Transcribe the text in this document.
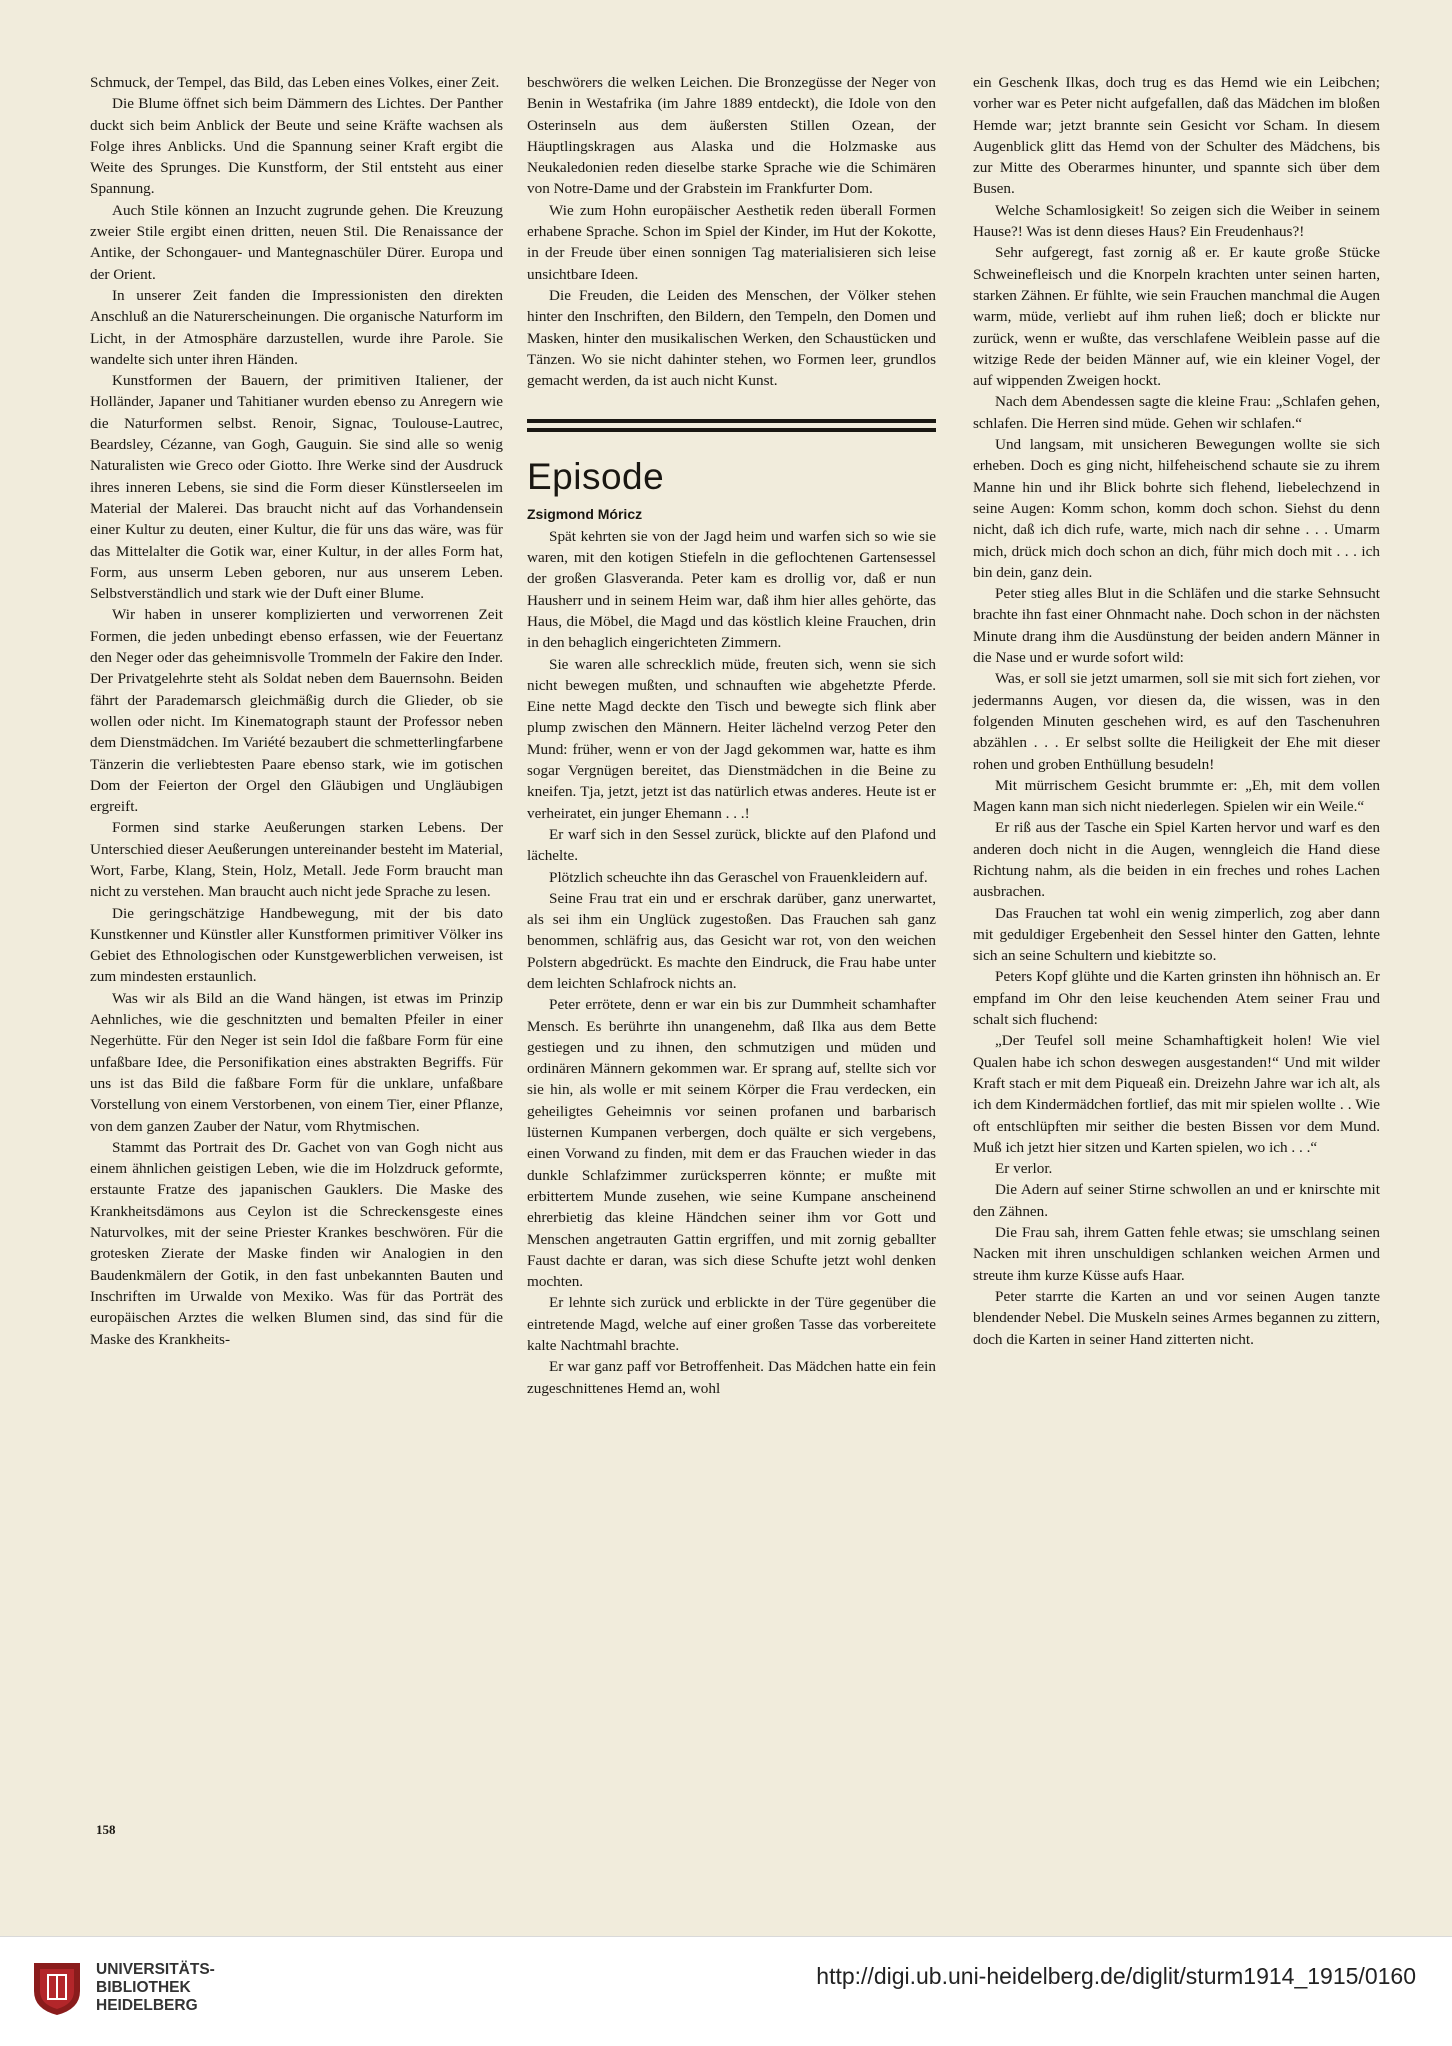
Schmuck, der Tempel, das Bild, das Leben eines Volkes, einer Zeit.

Die Blume öffnet sich beim Dämmern des Lichtes. Der Panther duckt sich beim Anblick der Beute und seine Kräfte wachsen als Folge ihres Anblicks. Und die Spannung seiner Kraft ergibt die Weite des Sprunges. Die Kunstform, der Stil entsteht aus einer Spannung.

Auch Stile können an Inzucht zugrunde gehen. Die Kreuzung zweier Stile ergibt einen dritten, neuen Stil. Die Renaissance der Antike, der Schongauer- und Mantegnaschüler Dürer. Europa und der Orient.

In unserer Zeit fanden die Impressionisten den direkten Anschluß an die Naturerscheinungen. Die organische Naturform im Licht, in der Atmosphäre darzustellen, wurde ihre Parole. Sie wandelte sich unter ihren Händen.

Kunstformen der Bauern, der primitiven Italiener, der Holländer, Japaner und Tahitianer wurden ebenso zu Anregern wie die Naturformen selbst. Renoir, Signac, Toulouse-Lautrec, Beardsley, Cézanne, van Gogh, Gauguin. Sie sind alle so wenig Naturalisten wie Greco oder Giotto. Ihre Werke sind der Ausdruck ihres inneren Lebens, sie sind die Form dieser Künstlerseelen im Material der Malerei. Das braucht nicht auf das Vorhandensein einer Kultur zu deuten, einer Kultur, die für uns das wäre, was für das Mittelalter die Gotik war, einer Kultur, in der alles Form hat, Form, aus unserm Leben geboren, nur aus unserem Leben. Selbstverständlich und stark wie der Duft einer Blume.

Wir haben in unserer komplizierten und verworrenen Zeit Formen, die jeden unbedingt ebenso erfassen, wie der Feuertanz den Neger oder das geheimnisvolle Trommeln der Fakire den Inder. Der Privatgelehrte steht als Soldat neben dem Bauernsohn. Beiden fährt der Parademarsch gleichmäßig durch die Glieder, ob sie wollen oder nicht. Im Kinematograph staunt der Professor neben dem Dienstmädchen. Im Variété bezaubert die schmetterlingfarbene Tänzerin die verliebtesten Paare ebenso stark, wie im gotischen Dom der Feierton der Orgel den Gläubigen und Ungläubigen ergreift.

Formen sind starke Aeußerungen starken Lebens. Der Unterschied dieser Aeußerungen untereinander besteht im Material, Wort, Farbe, Klang, Stein, Holz, Metall. Jede Form braucht man nicht zu verstehen. Man braucht auch nicht jede Sprache zu lesen.

Die geringschätzige Handbewegung, mit der bis dato Kunstkenner und Künstler aller Kunstformen primitiver Völker ins Gebiet des Ethnologischen oder Kunstgewerblichen verweisen, ist zum mindesten erstaunlich.

Was wir als Bild an die Wand hängen, ist etwas im Prinzip Aehnliches, wie die geschnitzten und bemalten Pfeiler in einer Negerhütte. Für den Neger ist sein Idol die faßbare Form für eine unfaßbare Idee, die Personifikation eines abstrakten Begriffs. Für uns ist das Bild die faßbare Form für die unklare, unfaßbare Vorstellung von einem Verstorbenen, von einem Tier, einer Pflanze, von dem ganzen Zauber der Natur, vom Rhytmischen.

Stammt das Portrait des Dr. Gachet von van Gogh nicht aus einem ähnlichen geistigen Leben, wie die im Holzdruck geformte, erstaunte Fratze des japanischen Gauklers. Die Maske des Krankheitsdämons aus Ceylon ist die Schreckensgeste eines Naturvolkes, mit der seine Priester Krankes beschwören. Für die grotesken Zierate der Maske finden wir Analogien in den Baudenkmälern der Gotik, in den fast unbekannten Bauten und Inschriften im Urwalde von Mexiko. Was für das Porträt des europäischen Arztes die welken Blumen sind, das sind für die Maske des Krankheits-

beschwörers die welken Leichen. Die Bronzegüsse der Neger von Benin in Westafrika (im Jahre 1889 entdeckt), die Idole von den Osterinseln aus dem äußersten Stillen Ozean, der Häuptlingskragen aus Alaska und die Holzmaske aus Neukaledonien reden dieselbe starke Sprache wie die Schimären von Notre-Dame und der Grabstein im Frankfurter Dom.

Wie zum Hohn europäischer Aesthetik reden überall Formen erhabene Sprache. Schon im Spiel der Kinder, im Hut der Kokotte, in der Freude über einen sonnigen Tag materialisieren sich leise unsichtbare Ideen.

Die Freuden, die Leiden des Menschen, der Völker stehen hinter den Inschriften, den Bildern, den Tempeln, den Domen und Masken, hinter den musikalischen Werken, den Schaustücken und Tänzen. Wo sie nicht dahinter stehen, wo Formen leer, grundlos gemacht werden, da ist auch nicht Kunst.

Episode

Zsigmond Móricz

Spät kehrten sie von der Jagd heim und warfen sich so wie sie waren, mit den kotigen Stiefeln in die geflochtenen Gartensessel der großen Glasveranda. Peter kam es drollig vor, daß er nun Hausherr und in seinem Heim war, daß ihm hier alles gehörte, das Haus, die Möbel, die Magd und das köstlich kleine Frauchen, drin in den behaglich eingerichteten Zimmern.

Sie waren alle schrecklich müde, freuten sich, wenn sie sich nicht bewegen mußten, und schnauften wie abgehetzte Pferde. Eine nette Magd deckte den Tisch und bewegte sich flink aber plump zwischen den Männern. Heiter lächelnd verzog Peter den Mund: früher, wenn er von der Jagd gekommen war, hatte es ihm sogar Vergnügen bereitet, das Dienstmädchen in die Beine zu kneifen. Tja, jetzt, jetzt ist das natürlich etwas anderes. Heute ist er verheiratet, ein junger Ehemann . . .!

Er warf sich in den Sessel zurück, blickte auf den Plafond und lächelte.

Plötzlich scheuchte ihn das Geraschel von Frauenkleidern auf.

Seine Frau trat ein und er erschrak darüber, ganz unerwartet, als sei ihm ein Unglück zugestoßen. Das Frauchen sah ganz benommen, schläfrig aus, das Gesicht war rot, von den weichen Polstern abgedrückt. Es machte den Eindruck, die Frau habe unter dem leichten Schlafrock nichts an.

Peter errötete, denn er war ein bis zur Dummheit schamhafter Mensch. Es berührte ihn unangenehm, daß Ilka aus dem Bette gestiegen und zu ihnen, den schmutzigen und müden und ordinären Männern gekommen war. Er sprang auf, stellte sich vor sie hin, als wolle er mit seinem Körper die Frau verdecken, ein geheiligtes Geheimnis vor seinen profanen und barbarisch lüsternen Kumpanen verbergen, doch quälte er sich vergebens, einen Vorwand zu finden, mit dem er das Frauchen wieder in das dunkle Schlafzimmer zurücksperren könnte; er mußte mit erbittertem Munde zusehen, wie seine Kumpane anscheinend ehrerbietig das kleine Händchen seiner ihm vor Gott und Menschen angetrauten Gattin ergriffen, und mit zornig geballter Faust dachte er daran, was sich diese Schufte jetzt wohl denken mochten.

Er lehnte sich zurück und erblickte in der Türe gegenüber die eintretende Magd, welche auf einer großen Tasse das vorbereitete kalte Nachtmahl brachte.

Er war ganz paff vor Betroffenheit. Das Mädchen hatte ein fein zugeschnittenes Hemd an, wohl

ein Geschenk Ilkas, doch trug es das Hemd wie ein Leibchen; vorher war es Peter nicht aufgefallen, daß das Mädchen im bloßen Hemde war; jetzt brannte sein Gesicht vor Scham. In diesem Augenblick glitt das Hemd von der Schulter des Mädchens, bis zur Mitte des Oberarmes hinunter, und spannte sich über dem Busen.

Welche Schamlosigkeit! So zeigen sich die Weiber in seinem Hause?! Was ist denn dieses Haus? Ein Freudenhaus?!

Sehr aufgeregt, fast zornig aß er. Er kaute große Stücke Schweinefleisch und die Knorpeln krachten unter seinen harten, starken Zähnen. Er fühlte, wie sein Frauchen manchmal die Augen warm, müde, verliebt auf ihm ruhen ließ; doch er blickte nur zurück, wenn er wußte, das verschlafene Weiblein passe auf die witzige Rede der beiden Männer auf, wie ein kleiner Vogel, der auf wippenden Zweigen hockt.

Nach dem Abendessen sagte die kleine Frau: „Schlafen gehen, schlafen. Die Herren sind müde. Gehen wir schlafen.“

Und langsam, mit unsicheren Bewegungen wollte sie sich erheben. Doch es ging nicht, hilfeheischend schaute sie zu ihrem Manne hin und ihr Blick bohrte sich flehend, liebelechzend in seine Augen: Komm schon, komm doch schon. Siehst du denn nicht, daß ich dich rufe, warte, mich nach dir sehne . . . Umarm mich, drück mich doch schon an dich, führ mich doch mit . . . ich bin dein, ganz dein.

Peter stieg alles Blut in die Schläfen und die starke Sehnsucht brachte ihn fast einer Ohnmacht nahe. Doch schon in der nächsten Minute drang ihm die Ausdünstung der beiden andern Männer in die Nase und er wurde sofort wild:

Was, er soll sie jetzt umarmen, soll sie mit sich fort ziehen, vor jedermanns Augen, vor diesen da, die wissen, was in den folgenden Minuten geschehen wird, es auf den Taschenuhren abzählen . . . Er selbst sollte die Heiligkeit der Ehe mit dieser rohen und groben Enthüllung besudeln!

Mit mürrischem Gesicht brummte er: „Eh, mit dem vollen Magen kann man sich nicht niederlegen. Spielen wir ein Weile.“

Er riß aus der Tasche ein Spiel Karten hervor und warf es den anderen doch nicht in die Augen, wenngleich die Hand diese Richtung nahm, als die beiden in ein freches und rohes Lachen ausbrachen.

Das Frauchen tat wohl ein wenig zimperlich, zog aber dann mit geduldiger Ergebenheit den Sessel hinter den Gatten, lehnte sich an seine Schultern und kiebitzte so.

Peters Kopf glühte und die Karten grinsten ihn höhnisch an. Er empfand im Ohr den leise keuchenden Atem seiner Frau und schalt sich fluchend:

„Der Teufel soll meine Schamhaftigkeit holen! Wie viel Qualen habe ich schon deswegen ausgestanden!“ Und mit wilder Kraft stach er mit dem Piqueaß ein. Dreizehn Jahre war ich alt, als ich dem Kindermädchen fortlief, das mit mir spielen wollte . . Wie oft entschlüpften mir seither die besten Bissen vor dem Mund. Muß ich jetzt hier sitzen und Karten spielen, wo ich . . .“

Er verlor.

Die Adern auf seiner Stirne schwollen an und er knirschte mit den Zähnen.

Die Frau sah, ihrem Gatten fehle etwas; sie umschlang seinen Nacken mit ihren unschuldigen schlanken weichen Armen und streute ihm kurze Küsse aufs Haar.

Peter starrte die Karten an und vor seinen Augen tanzte blendender Nebel. Die Muskeln seines Armes begannen zu zittern, doch die Karten in seiner Hand zitterten nicht.

158
UNIVERSITÄTS-
BIBLIOTHEK
HEIDELBERG
http://digi.ub.uni-heidelberg.de/diglit/sturm1914_1915/0160
